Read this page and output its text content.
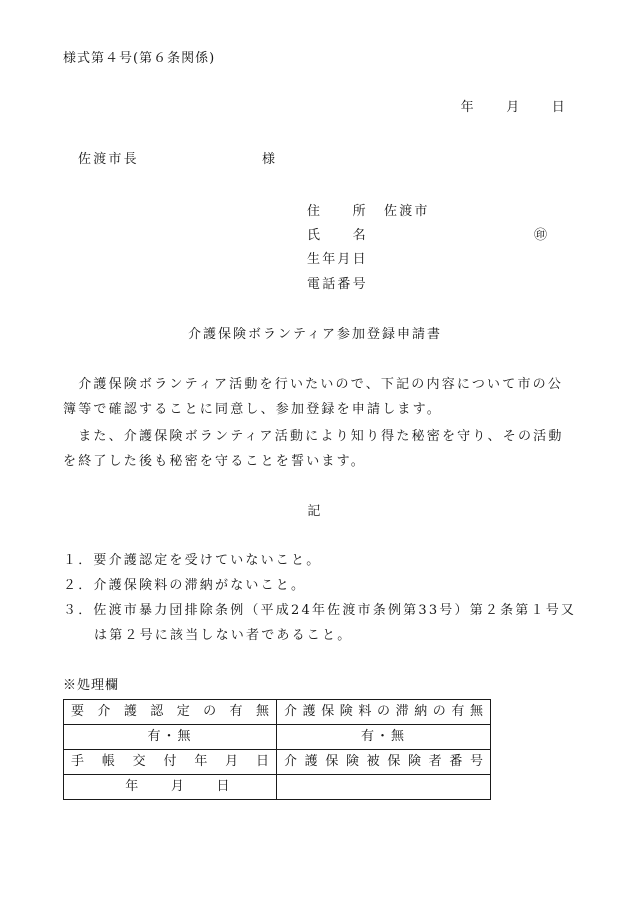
様式第４号(第６条関係)
年　　月　　日
佐渡市長	様
住　　所 佐渡市
氏　　名	㊞
生年月日
電話番号
介護保険ボランティア参加登録申請書
　介護保険ボランティア活動を行いたいので、下記の内容について市の公
簿等で確認することに同意し、参加登録を申請します。
　また、介護保険ボランティア活動により知り得た秘密を守り、その活動
を終了した後も秘密を守ることを誓います。
記
１．要介護認定を受けていないこと。
２．介護保険料の滞納がないこと。
３．佐渡市暴力団排除条例（平成24年佐渡市条例第33号）第２条第１号又
は第２号に該当しない者であること。
※処理欄
要介護認定の有無	介護保険料の滞納の有無
有・無	有・無
手帳交付年月日	介護保険被保険者番号
年　　月　　日	
